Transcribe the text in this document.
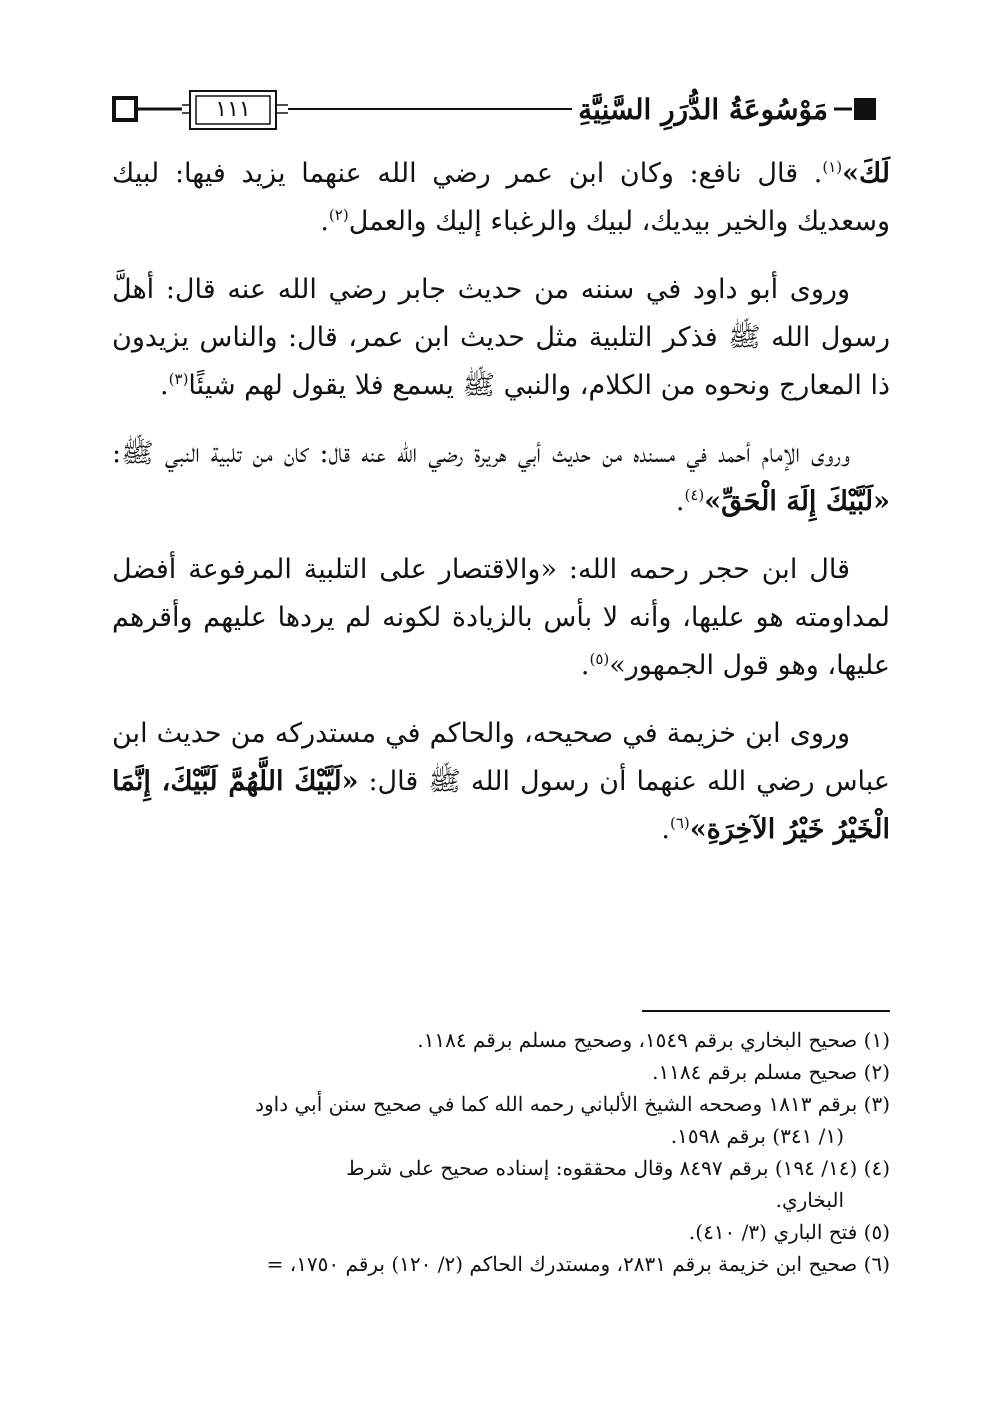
١١١	مَوْسُوعَةُ الدُّرَرِ السَّنِيَّةِ

لَكَ»$^{(١)}$. قال نافع: وكان ابن عمر رضي الله عنهما يزيد فيها: لبيك وسعديك والخير بيديك، لبيك والرغباء إليك والعمل$^{(٢)}$.

وروى أبو داود في سننه من حديث جابر رضي الله عنه قال: أهلَّ رسول الله ﷺ فذكر التلبية مثل حديث ابن عمر، قال: والناس يزيدون ذا المعارج ونحوه من الكلام، والنبي ﷺ يسمع فلا يقول لهم شيئًا$^{(٣)}$.

وروى الإمام أحمد في مسنده من حديث أبي هريرة رضي الله عنه قال: كان من تلبية النبي ﷺ: «لَبَّيْكَ إِلَهَ الْحَقِّ»$^{(٤)}$.

قال ابن حجر رحمه الله: «والاقتصار على التلبية المرفوعة أفضل لمداومته هو عليها، وأنه لا بأس بالزيادة لكونه لم يردها عليهم وأقرهم عليها، وهو قول الجمهور»$^{(٥)}$.

وروى ابن خزيمة في صحيحه، والحاكم في مستدركه من حديث ابن عباس رضي الله عنهما أن رسول الله ﷺ قال: «لَبَّيْكَ اللَّهُمَّ لَبَّيْكَ، إِنَّمَا الْخَيْرُ خَيْرُ الآخِرَةِ»$^{(٦)}$.

(١) صحيح البخاري برقم ١٥٤٩، وصحيح مسلم برقم ١١٨٤.

(٢) صحيح مسلم برقم ١١٨٤.

(٣) برقم ١٨١٣ وصححه الشيخ الألباني رحمه الله كما في صحيح سنن أبي داود

(١/ ٣٤١) برقم ١٥٩٨.

(٤) (١٤/ ١٩٤) برقم ٨٤٩٧ وقال محققوه: إسناده صحيح على شرط

البخاري.

(٥) فتح الباري (٣/ ٤١٠).

(٦) صحيح ابن خزيمة برقم ٢٨٣١، ومستدرك الحاكم (٢/ ١٢٠) برقم ١٧٥٠، =
